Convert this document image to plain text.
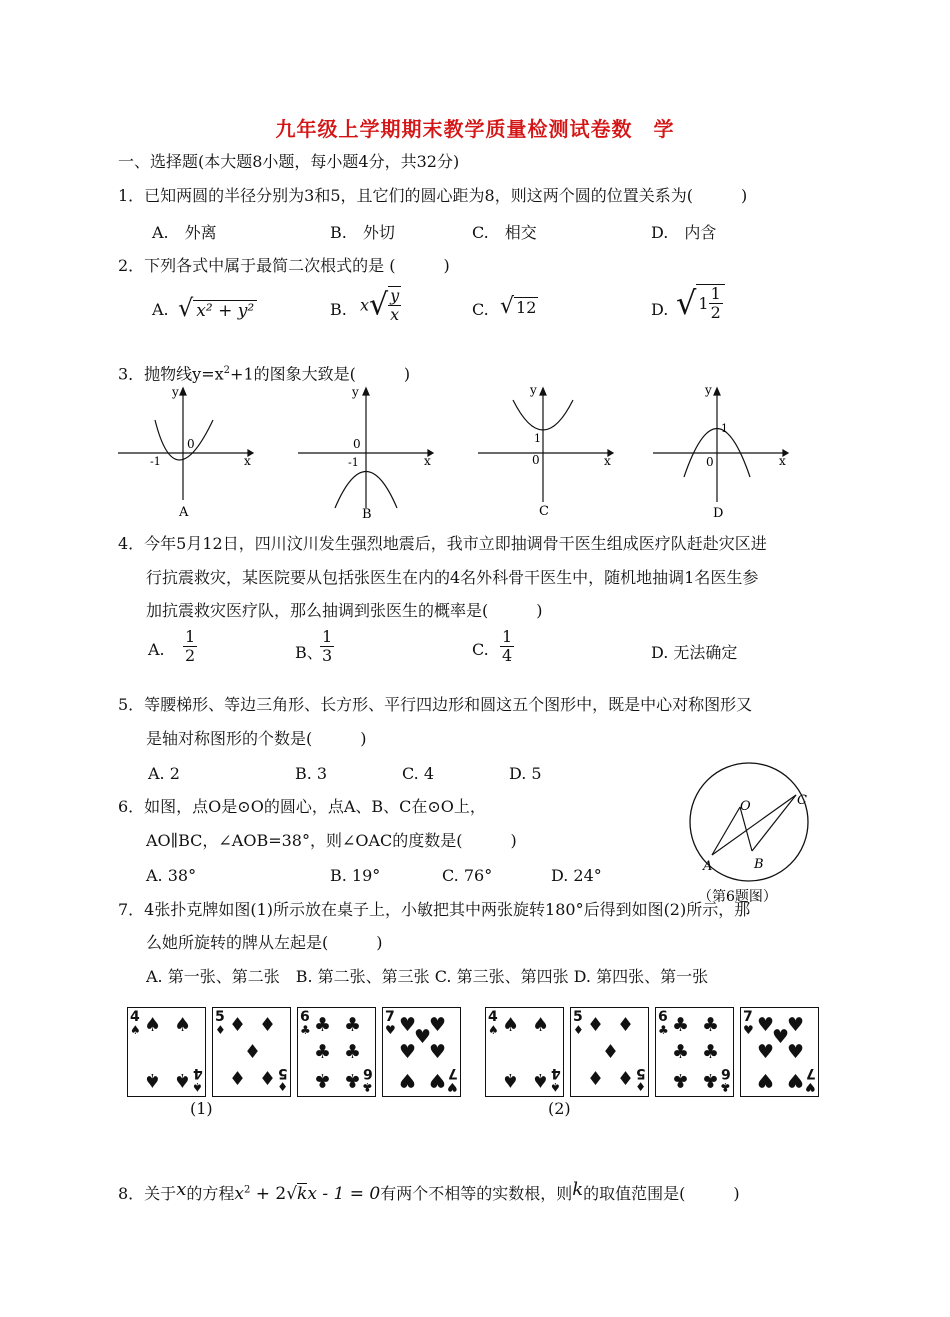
九年级上学期期末教学质量检测试卷数　学
一、选择题(本大题8小题，每小题4分，共32分)
1．已知两圆的半径分别为3和5，且它们的圆心距为8，则这两个圆的位置关系为(　　　)
A.　外离	B.　外切	C.　相交	D.　内含
2．下列各式中属于最简二次根式的是 (　　　)
A. √ x² + y²	B. $x√ \frac{y}{x}$	C. √ 12	D. √ $1 \frac{1}{2}$
3．抛物线$y=x^2+1$的图象大致是(　　　)
y
x
0
-1
A
y
x
0
-1
B
y
x
0
1
C
y
x
0
1
D
4．今年5月12日，四川汶川发生强烈地震后，我市立即抽调骨干医生组成医疗队赶赴灾区进
行抗震救灾，某医院要从包括张医生在内的4名外科骨干医生中，随机地抽调1名医生参
加抗震救灾医疗队，那么抽调到张医生的概率是(　　　)
A. $\frac{1}{2}$	B、
$\frac{1}{3}$	C. $\frac{1}{4}$	D. 无法确定
5．等腰梯形、等边三角形、长方形、平行四边形和圆这五个图形中，既是中心对称图形又
是轴对称图形的个数是(　　　)
A. 2	B. 3	C. 4	D. 5
6．如图，点O是⊙O的圆心，点A、B、C在⊙O上，
AO∥BC，∠AOB=38°，则∠OAC的度数是(　　　)
A. 38°	B. 19°	C. 76°	D. 24°
O
A	B
C
（第6题图）
7．4张扑克牌如图(1)所示放在桌子上，小敏把其中两张旋转180°后得到如图(2)所示，那
么她所旋转的牌从左起是(　　　)
A. 第一张、第二张　B. 第二张、第三张 C. 第三张、第四张 D. 第四张、第一张
4
♠ ♠ ♠
♠ ♠ 4
♠
5
♦ ♦ ♦
♦
♦ ♦ 5
♦
6
♣ ♣ ♣
♣ ♣
♣ ♣ 6
♣
7
♥ ♥ ♥
♥
♥ ♥
♥ ♥ 7
♥
(1)
4
♠ ♠ ♠
♠ ♠ 4
♠
5
♦ ♦ ♦
♦
♦ ♦ 5
♦
6
♣ ♣ ♣
♣ ♣
♣ ♣ 6
♣
7
♥ ♥ ♥
♥
♥ ♥
♥ ♥ 7
♥
(2)
8．关于x的方程$x^2 + 2√kx - 1 = 0$有两个不相等的实数根，则k的取值范围是(　　　)
